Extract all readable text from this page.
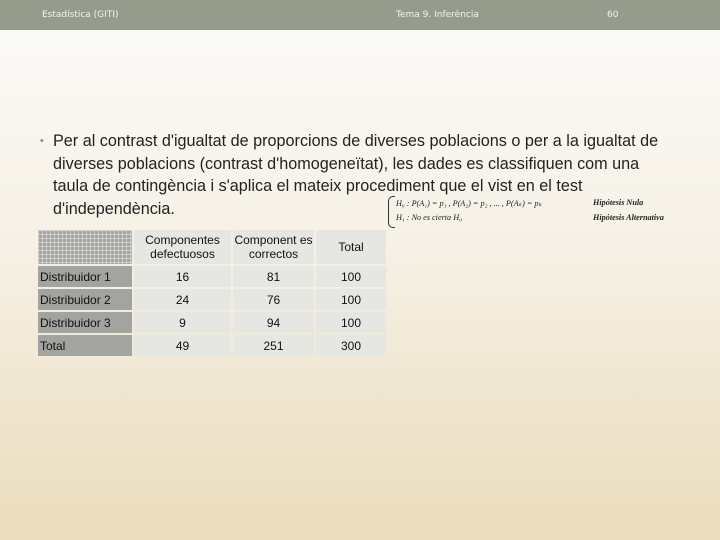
Estadística (GITI)	Tema 9. Inferència	60
• Per al contrast d'igualtat de proporcions de diverses poblacions o per a la igualtat de diverses poblacions (contrast d'homogeneïtat), les dades es classifiquen com una taula de contingència i s'aplica el mateix procediment que el vist en el test d'independència.	H₀ : P(A₁) = p₁ , P(A₂) = p₂ , ... , P(Aₖ) = pₖ	Hipótesis Nula
H₁ : No es cierta H₀	Hipótesis Alternativa
	Componentes defectuosos	Component es correctos	Total
Distribuidor 1	16	81	100
Distribuidor 2	24	76	100
Distribuidor 3	9	94	100
Total	49	251	300
